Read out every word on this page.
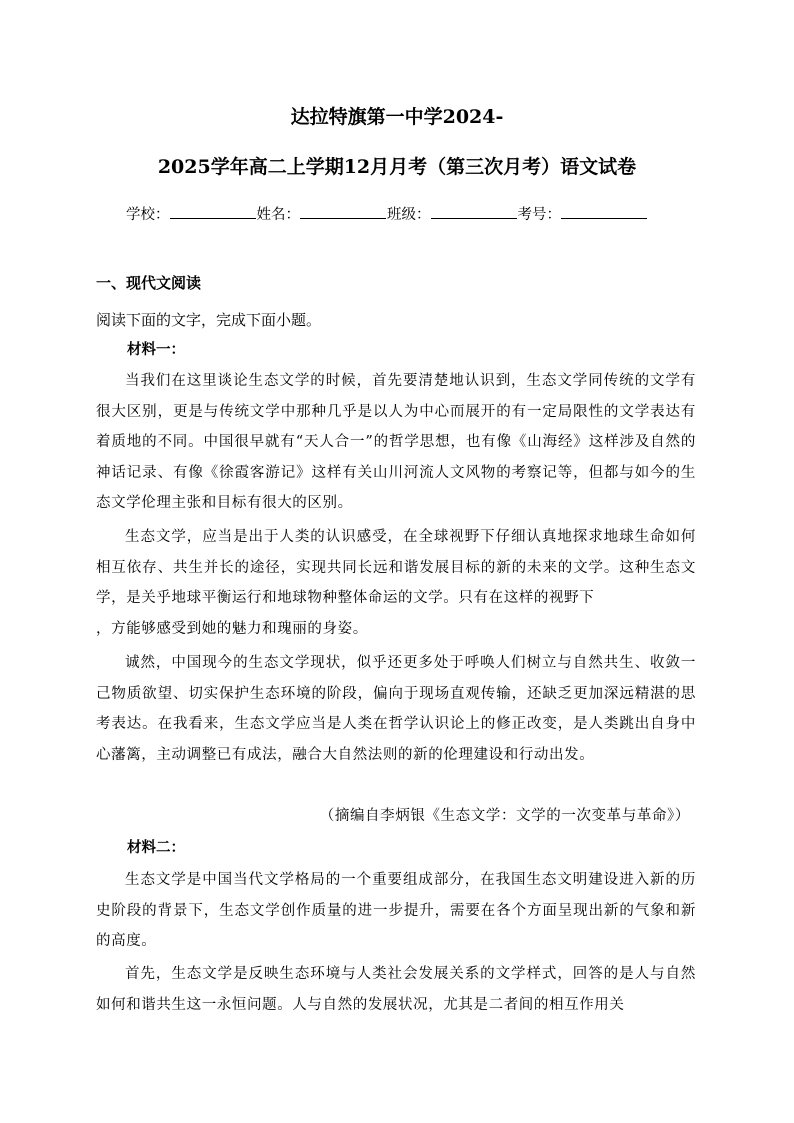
达拉特旗第一中学2024-
2025学年高二上学期12月月考（第三次月考）语文试卷
学校：	姓名：	班级：	考号：
一、现代文阅读
阅读下面的文字，完成下面小题。
材料一：

当我们在这里谈论生态文学的时候，首先要清楚地认识到，生态文学同传统的文学有很大区别，更是与传统文学中那种几乎是以人为中心而展开的有一定局限性的文学表达有着质地的不同。中国很早就有“天人合一”的哲学思想，也有像《山海经》这样涉及自然的神话记录、有像《徐霞客游记》这样有关山川河流人文风物的考察记等，但都与如今的生态文学伦理主张和目标有很大的区别。

生态文学，应当是出于人类的认识感受，在全球视野下仔细认真地探求地球生命如何相互依存、共生并长的途径，实现共同长远和谐发展目标的新的未来的文学。这种生态文学，是关乎地球平衡运行和地球物种整体命运的文学。只有在这样的视野下

，方能够感受到她的魅力和瑰丽的身姿。

诚然，中国现今的生态文学现状，似乎还更多处于呼唤人们树立与自然共生、收敛一己物质欲望、切实保护生态环境的阶段，偏向于现场直观传输，还缺乏更加深远精湛的思考表达。在我看来，生态文学应当是人类在哲学认识论上的修正改变，是人类跳出自身中心藩篱，主动调整已有成法，融合大自然法则的新的伦理建设和行动出发。

（摘编自李炳银《生态文学：文学的一次变革与革命》）
材料二：

生态文学是中国当代文学格局的一个重要组成部分，在我国生态文明建设进入新的历史阶段的背景下，生态文学创作质量的进一步提升，需要在各个方面呈现出新的气象和新的高度。

首先，生态文学是反映生态环境与人类社会发展关系的文学样式，回答的是人与自然如何和谐共生这一永恒问题。人与自然的发展状况，尤其是二者间的相互作用关
